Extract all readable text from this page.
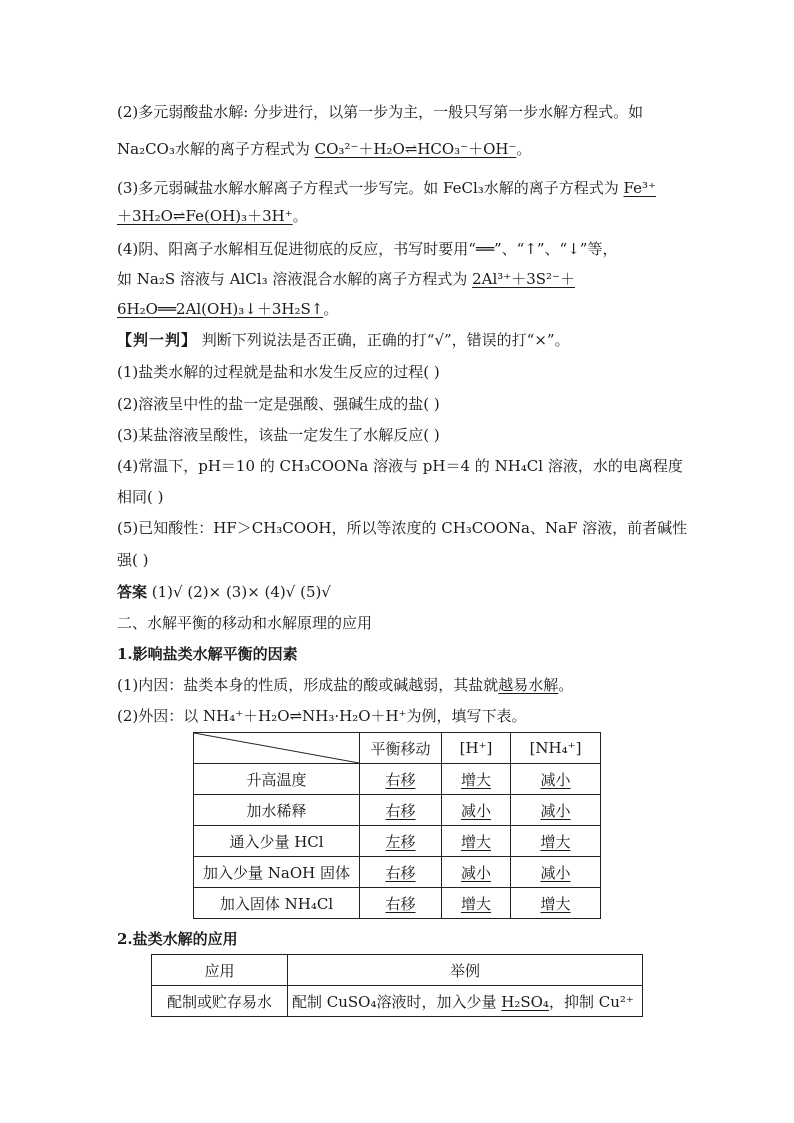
(2)多元弱酸盐水解: 分步进行，以第一步为主，一般只写第一步水解方程式。如
Na₂CO₃水解的离子方程式为 CO₃²⁻＋H₂O⇌HCO₃⁻＋OH⁻。
(3)多元弱碱盐水解水解离子方程式一步写完。如 FeCl₃水解的离子方程式为 Fe³⁺
＋3H₂O⇌Fe(OH)₃＋3H⁺。
(4)阴、阳离子水解相互促进彻底的反应，书写时要用“══”、“↑”、“↓”等，
如 Na₂S 溶液与 AlCl₃ 溶液混合水解的离子方程式为 2Al³⁺＋3S²⁻＋
6H₂O══2Al(OH)₃↓＋3H₂S↑。
【判一判】 判断下列说法是否正确，正确的打“√”，错误的打“×”。
(1)盐类水解的过程就是盐和水发生反应的过程( )
(2)溶液呈中性的盐一定是强酸、强碱生成的盐( )
(3)某盐溶液呈酸性，该盐一定发生了水解反应( )
(4)常温下，pH＝10 的 CH₃COONa 溶液与 pH＝4 的 NH₄Cl 溶液，水的电离程度
相同( )
(5)已知酸性：HF＞CH₃COOH，所以等浓度的 CH₃COONa、NaF 溶液，前者碱性
强( )
答案 (1)√ (2)× (3)× (4)√ (5)√
二、水解平衡的移动和水解原理的应用
1.影响盐类水解平衡的因素
(1)内因：盐类本身的性质，形成盐的酸或碱越弱，其盐就越易水解。
(2)外因：以 NH₄⁺＋H₂O⇌NH₃·H₂O＋H⁺为例，填写下表。
	平衡移动	[H⁺]	[NH₄⁺]
升高温度	右移	增大	减小
加水稀释	右移	减小	减小
通入少量 HCl	左移	增大	增大
加入少量 NaOH 固体	右移	减小	减小
加入固体 NH₄Cl	右移	增大	增大
2.盐类水解的应用
应用	举例
配制或贮存易水	配制 CuSO₄溶液时，加入少量 H₂SO₄，抑制 Cu²⁺
